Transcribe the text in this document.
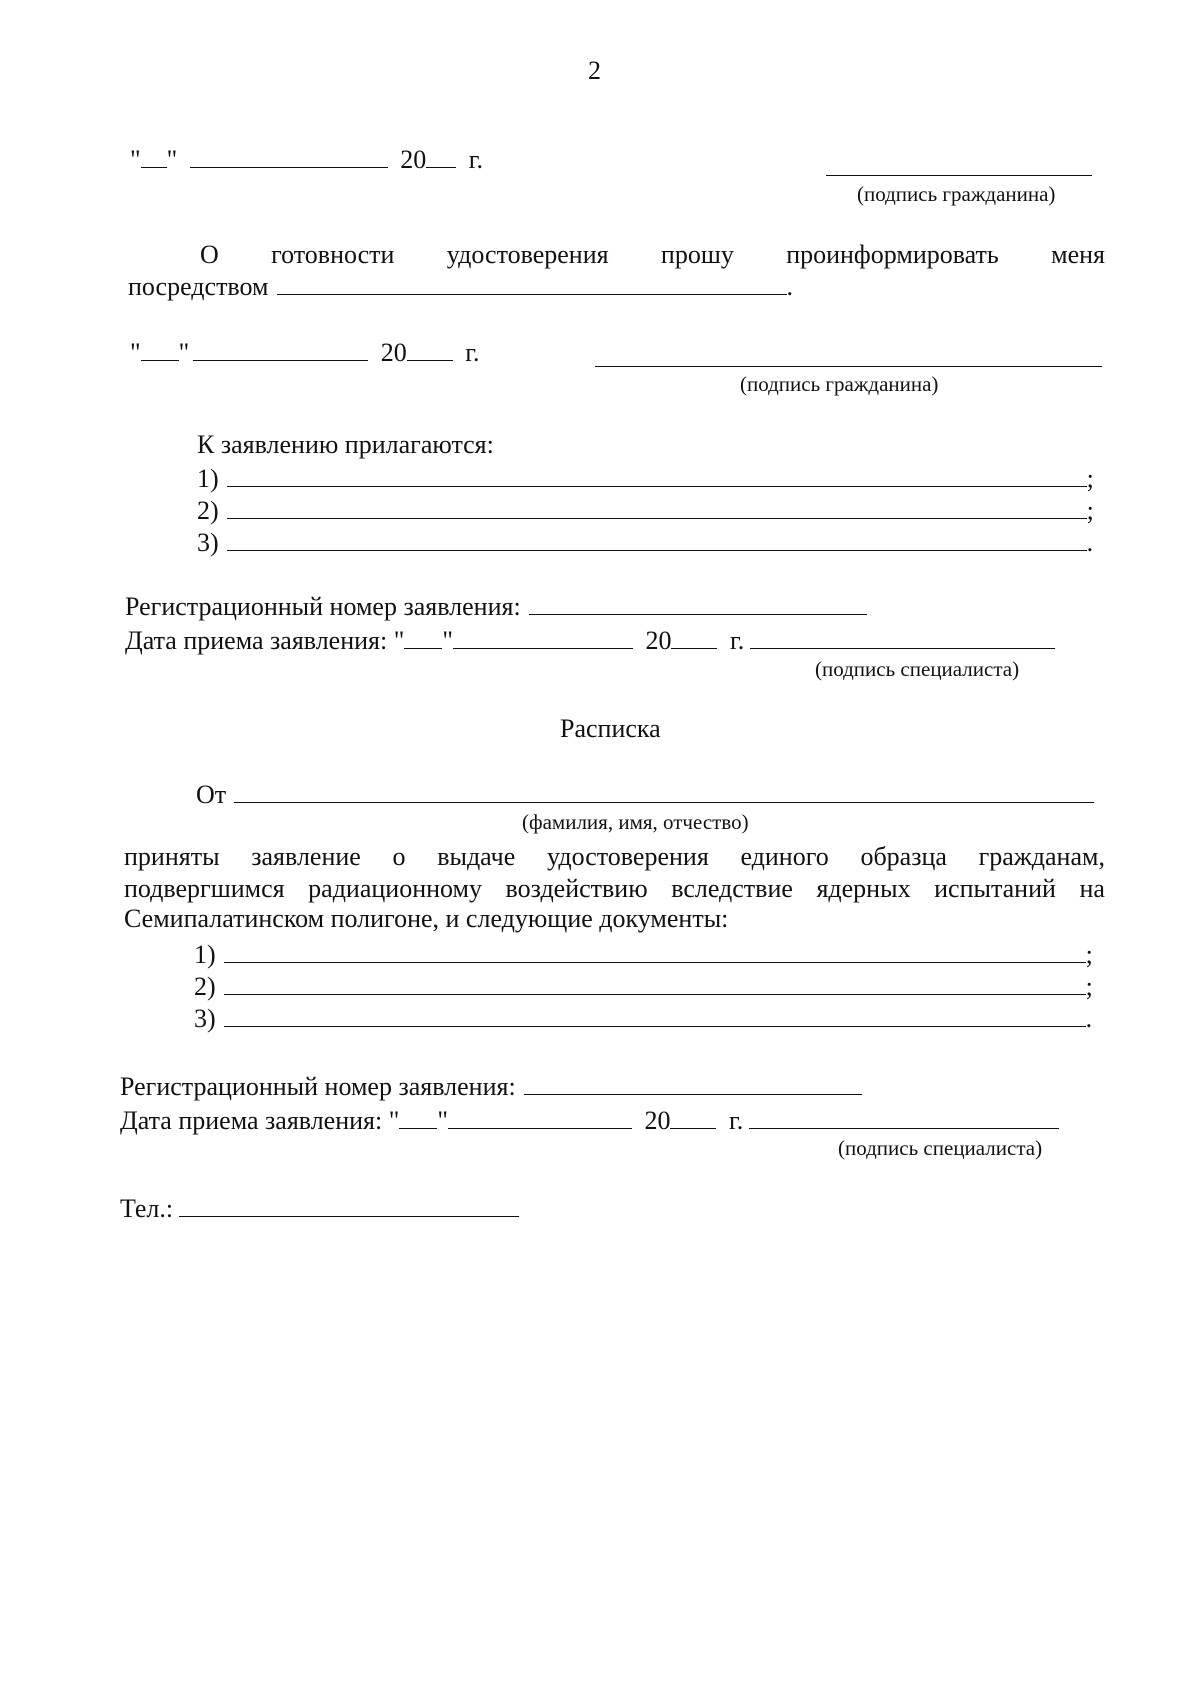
2
" "	20 г.
(подпись гражданина)
О готовности удостоверения прошу проинформировать меня
посредством	.
" "	20 г.
(подпись гражданина)
К заявлению прилагаются:
1)	;
2)	;
3)	.
Регистрационный номер заявления:
Дата приема заявления: " "	20 г.
(подпись специалиста)
Расписка
От
(фамилия, имя, отчество)
приняты заявление о выдаче удостоверения единого образца гражданам,
подвергшимся радиационному воздействию вследствие ядерных испытаний на
Семипалатинском полигоне, и следующие документы:
1)	;
2)	;
3)	.
Регистрационный номер заявления:
Дата приема заявления: " "	20 г.
(подпись специалиста)
Тел.:
